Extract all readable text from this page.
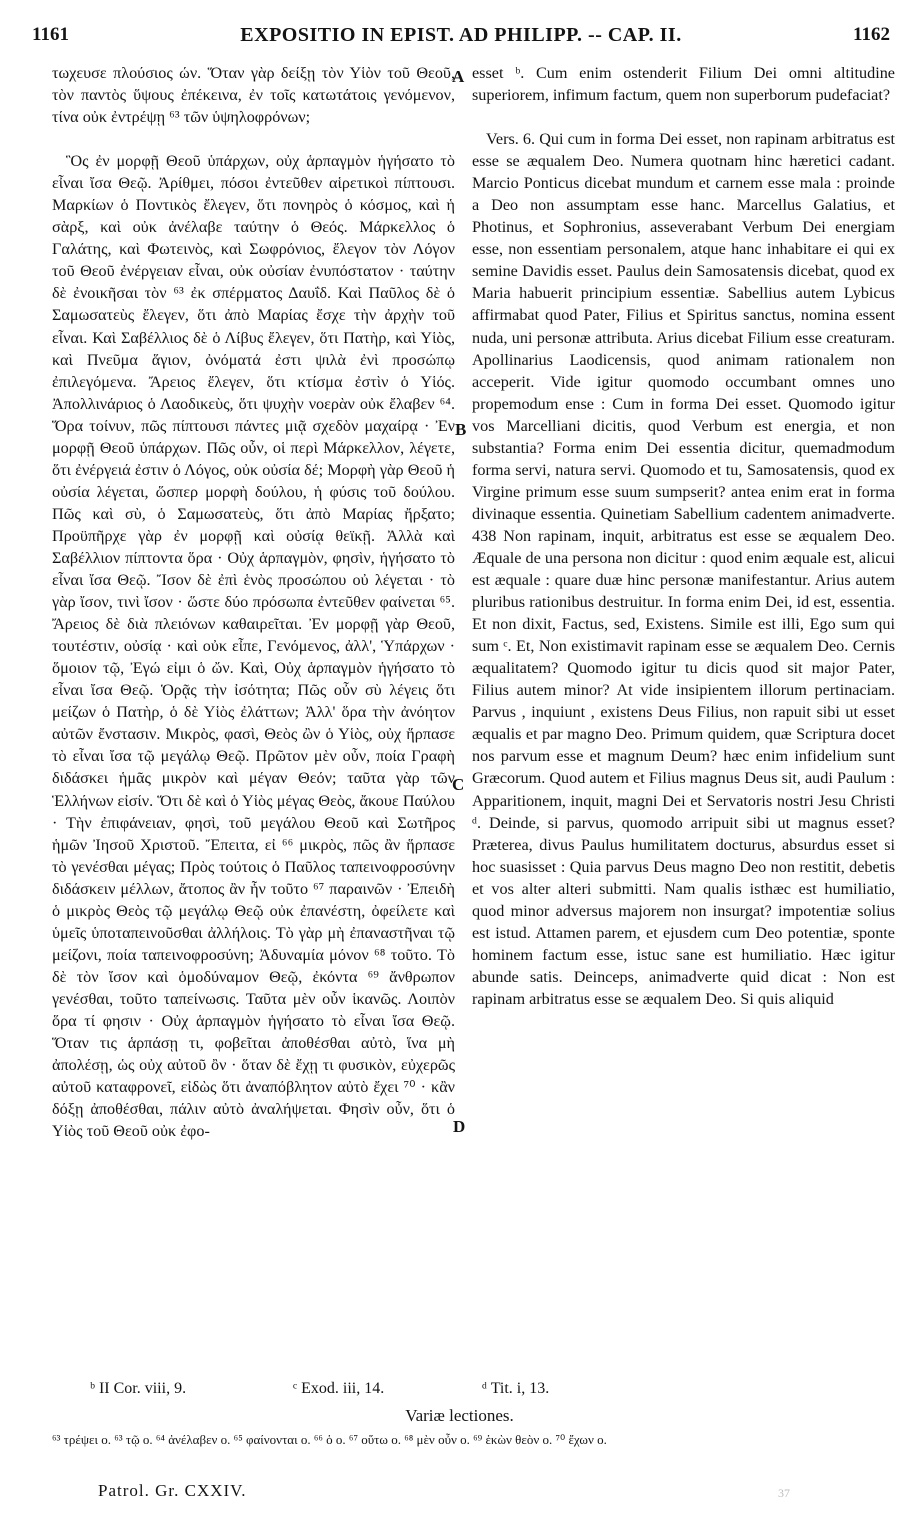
1161	EXPOSITIO IN EPIST. AD PHILIPP. -- CAP. II.	1162

τωχευσε πλούσιος ών. Ὅταν γὰρ δείξῃ τὸν Υἱὸν τοῦ Θεοῦ, τὸν παντὸς ὕψους ἐπέκεινα, ἐν τοῖς κατωτάτοις γενόμενον, τίνα οὐκ ἐντρέψῃ ⁶³ τῶν ὑψηλοφρόνων;

Ὃς ἐν μορφῇ Θεοῦ ὑπάρχων, οὐχ ἁρπαγμὸν ἡγήσατο τὸ εἶναι ἴσα Θεῷ. Ἀρίθμει, πόσοι ἐντεῦθεν αἱρετικοὶ πίπτουσι. Μαρκίων ὁ Ποντικὸς ἔλεγεν, ὅτι πονηρὸς ὁ κόσμος, καὶ ἡ σὰρξ, καὶ οὐκ ἀνέλαβε ταύτην ὁ Θεός. Μάρκελλος ὁ Γαλάτης, καὶ Φωτεινὸς, καὶ Σωφρόνιος, ἔλεγον τὸν Λόγον τοῦ Θεοῦ ἐνέργειαν εἶναι, οὐκ οὐσίαν ἐνυπόστατον · ταύτην δὲ ἐνοικῆσαι τὸν ⁶³ ἐκ σπέρματος Δαυΐδ. Καὶ Παῦλος δὲ ὁ Σαμωσατεὺς ἔλεγεν, ὅτι ἀπὸ Μαρίας ἔσχε τὴν ἀρχὴν τοῦ εἶναι. Καὶ Σαβέλλιος δὲ ὁ Λίβυς ἔλεγεν, ὅτι Πατὴρ, καὶ Υἱὸς, καὶ Πνεῦμα ἅγιον, ὀνόματά ἐστι ψιλὰ ἐνὶ προσώπῳ ἐπιλεγόμενα. Ἄρειος ἔλεγεν, ὅτι κτίσμα ἐστὶν ὁ Υἱός. Ἀπολλινάριος ὁ Λαοδικεὺς, ὅτι ψυχὴν νοερὰν οὐκ ἔλαβεν ⁶⁴. Ὅρα τοίνυν, πῶς πίπτουσι πάντες μιᾷ σχεδὸν μαχαίρᾳ · Ἐν μορφῇ Θεοῦ ὑπάρχων. Πῶς οὖν, οἱ περὶ Μάρκελλον, λέγετε, ὅτι ἐνέργειά ἐστιν ὁ Λόγος, οὐκ οὐσία δέ; Μορφὴ γὰρ Θεοῦ ἡ οὐσία λέγεται, ὥσπερ μορφὴ δούλου, ἡ φύσις τοῦ δούλου. Πῶς καὶ σὺ, ὁ Σαμωσατεὺς, ὅτι ἀπὸ Μαρίας ἤρξατο; Προϋπῆρχε γὰρ ἐν μορφῇ καὶ οὐσίᾳ θεϊκῇ. Ἀλλὰ καὶ Σαβέλλιον πίπτοντα ὅρα · Οὐχ ἁρπαγμὸν, φησὶν, ἡγήσατο τὸ εἶναι ἴσα Θεῷ. Ἴσον δὲ ἐπὶ ἑνὸς προσώπου οὐ λέγεται · τὸ γὰρ ἴσον, τινὶ ἴσον · ὥστε δύο πρόσωπα ἐντεῦθεν φαίνεται ⁶⁵. Ἄρειος δὲ διὰ πλειόνων καθαιρεῖται. Ἐν μορφῇ γὰρ Θεοῦ, τουτέστιν, οὐσίᾳ · καὶ οὐκ εἶπε, Γενόμενος, ἀλλ', Ὑπάρχων · ὅμοιον τῷ, Ἐγώ εἰμι ὁ ὤν. Καὶ, Οὐχ ἁρπαγμὸν ἡγήσατο τὸ εἶναι ἴσα Θεῷ. Ὁρᾷς τὴν ἰσότητα; Πῶς οὖν σὺ λέγεις ὅτι μείζων ὁ Πατὴρ, ὁ δὲ Υἱὸς ἐλάττων; Ἀλλ' ὅρα τὴν ἀνόητον αὐτῶν ἔνστασιν. Μικρὸς, φασὶ, Θεὸς ὢν ὁ Υἱὸς, οὐχ ἥρπασε τὸ εἶναι ἴσα τῷ μεγάλῳ Θεῷ. Πρῶτον μὲν οὖν, ποία Γραφὴ διδάσκει ἡμᾶς μικρὸν καὶ μέγαν Θεόν; ταῦτα γὰρ τῶν Ἑλλήνων εἰσίν. Ὅτι δὲ καὶ ὁ Υἱὸς μέγας Θεὸς, ἄκουε Παύλου · Τὴν ἐπιφάνειαν, φησὶ, τοῦ μεγάλου Θεοῦ καὶ Σωτῆρος ἡμῶν Ἰησοῦ Χριστοῦ. Ἔπειτα, εἰ ⁶⁶ μικρὸς, πῶς ἂν ἥρπασε τὸ γενέσθαι μέγας; Πρὸς τούτοις ὁ Παῦλος ταπεινοφροσύνην διδάσκειν μέλλων, ἄτοπος ἂν ἦν τοῦτο ⁶⁷ παραινῶν · Ἐπειδὴ ὁ μικρὸς Θεὸς τῷ μεγάλῳ Θεῷ οὐκ ἐπανέστη, ὀφείλετε καὶ ὑμεῖς ὑποταπεινοῦσθαι ἀλλήλοις. Τὸ γὰρ μὴ ἐπαναστῆναι τῷ μείζονι, ποία ταπεινοφροσύνη; Ἀδυναμία μόνον ⁶⁸ τοῦτο. Τὸ δὲ τὸν ἴσον καὶ ὁμοδύναμον Θεῷ, ἐκόντα ⁶⁹ ἄνθρωπον γενέσθαι, τοῦτο ταπείνωσις. Ταῦτα μὲν οὖν ἱκανῶς. Λοιπὸν ὅρα τί φησιν · Οὐχ ἁρπαγμὸν ἡγήσατο τὸ εἶναι ἴσα Θεῷ. Ὅταν τις ἁρπάσῃ τι, φοβεῖται ἀποθέσθαι αὐτὸ, ἵνα μὴ ἀπολέσῃ, ὡς οὐχ αὐτοῦ ὂν · ὅταν δὲ ἔχῃ τι φυσικὸν, εὐχερῶς αὐτοῦ καταφρονεῖ, εἰδὼς ὅτι ἀναπόβλητον αὐτὸ ἔχει ⁷⁰ · κἂν δόξῃ ἀποθέσθαι, πάλιν αὐτὸ ἀναλήψεται. Φησὶν οὖν, ὅτι ὁ Υἱὸς τοῦ Θεοῦ οὐκ ἐφο-

A
B
C
D

esset ᵇ. Cum enim ostenderit Filium Dei omni altitudine superiorem, infimum factum, quem non superborum pudefaciat?

Vers. 6. Qui cum in forma Dei esset, non rapinam arbitratus est esse se æqualem Deo. Numera quotnam hinc hæretici cadant. Marcio Ponticus dicebat mundum et carnem esse mala : proinde a Deo non assumptam esse hanc. Marcellus Galatius, et Photinus, et Sophronius, asseverabant Verbum Dei energiam esse, non essentiam personalem, atque hanc inhabitare ei qui ex semine Davidis esset. Paulus dein Samosatensis dicebat, quod ex Maria habuerit principium essentiæ. Sabellius autem Lybicus affirmabat quod Pater, Filius et Spiritus sanctus, nomina essent nuda, uni personæ attributa. Arius dicebat Filium esse creaturam. Apollinarius Laodicensis, quod animam rationalem non acceperit. Vide igitur quomodo occumbant omnes uno propemodum ense : Cum in forma Dei esset. Quomodo igitur vos Marcelliani dicitis, quod Verbum est energia, et non substantia? Forma enim Dei essentia dicitur, quemadmodum forma servi, natura servi. Quomodo et tu, Samosatensis, quod ex Virgine primum esse suum sumpserit? antea enim erat in forma divinaque essentia. Quinetiam Sabellium cadentem animadverte. 438 Non rapinam, inquit, arbitratus est esse se æqualem Deo. Æquale de una persona non dicitur : quod enim æquale est, alicui est æquale : quare duæ hinc personæ manifestantur. Arius autem pluribus rationibus destruitur. In forma enim Dei, id est, essentia. Et non dixit, Factus, sed, Existens. Simile est illi, Ego sum qui sum ᶜ. Et, Non existimavit rapinam esse se æqualem Deo. Cernis æqualitatem? Quomodo igitur tu dicis quod sit major Pater, Filius autem minor? At vide insipientem illorum pertinaciam. Parvus , inquiunt , existens Deus Filius, non rapuit sibi ut esset æqualis et par magno Deo. Primum quidem, quæ Scriptura docet nos parvum esse et magnum Deum? hæc enim infidelium sunt Græcorum. Quod autem et Filius magnus Deus sit, audi Paulum : Apparitionem, inquit, magni Dei et Servatoris nostri Jesu Christi ᵈ. Deinde, si parvus, quomodo arripuit sibi ut magnus esset? Præterea, divus Paulus humilitatem docturus, absurdus esset si hoc suasisset : Quia parvus Deus magno Deo non restitit, debetis et vos alter alteri submitti. Nam qualis isthæc est humiliatio, quod minor adversus majorem non insurgat? impotentiæ solius est istud. Attamen parem, et ejusdem cum Deo potentiæ, sponte hominem factum esse, istuc sane est humiliatio. Hæc igitur abunde satis. Deinceps, animadverte quid dicat : Non est rapinam arbitratus esse se æqualem Deo. Si quis aliquid

ᵇ II Cor. viii, 9.	ᶜ Exod. iii, 14.	ᵈ Tit. i, 13.
Variæ lectiones.
⁶³ τρέψει ο. ⁶³ τῷ ο. ⁶⁴ ἀνέλαβεν ο. ⁶⁵ φαίνονται ο. ⁶⁶ ὁ ο. ⁶⁷ οὕτω ο. ⁶⁸ μὲν οὖν ο. ⁶⁹ ἑκὼν θεὸν ο. ⁷⁰ ἔχων ο.
Patrol. Gr. CXXIV.	37
